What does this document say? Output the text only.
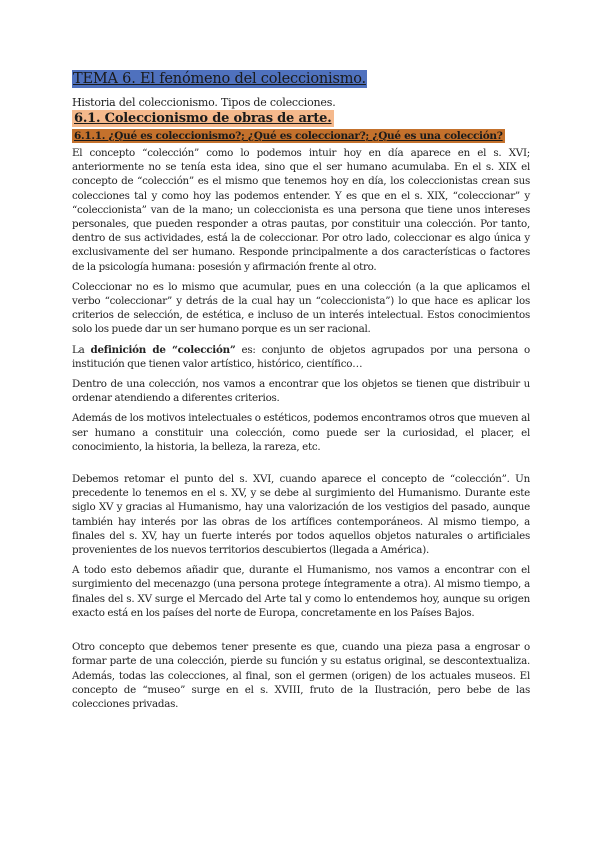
TEMA 6. El fenómeno del coleccionismo.
Historia del coleccionismo. Tipos de colecciones.
6.1. Coleccionismo de obras de arte.
6.1.1. ¿Qué es coleccionismo?; ¿Qué es coleccionar?; ¿Qué es una colección?

El concepto “colección” como lo podemos intuir hoy en día aparece en el s. XVI; anteriormente no se tenía esta idea, sino que el ser humano acumulaba. En el s. XIX el concepto de “colección” es el mismo que tenemos hoy en día, los coleccionistas crean sus colecciones tal y como hoy las podemos entender. Y es que en el s. XIX, “coleccionar” y “coleccionista” van de la mano; un coleccionista es una persona que tiene unos intereses personales, que pueden responder a otras pautas, por constituir una colección. Por tanto, dentro de sus actividades, está la de coleccionar. Por otro lado, coleccionar es algo única y exclusivamente del ser humano. Responde principalmente a dos características o factores de la psicología humana: posesión y afirmación frente al otro.

Coleccionar no es lo mismo que acumular, pues en una colección (a la que aplicamos el verbo “coleccionar” y detrás de la cual hay un “coleccionista”) lo que hace es aplicar los criterios de selección, de estética, e incluso de un interés intelectual. Estos conocimientos solo los puede dar un ser humano porque es un ser racional.

La definición de “colección” es: conjunto de objetos agrupados por una persona o institución que tienen valor artístico, histórico, científico…

Dentro de una colección, nos vamos a encontrar que los objetos se tienen que distribuir u ordenar atendiendo a diferentes criterios.

Además de los motivos intelectuales o estéticos, podemos encontramos otros que mueven al ser humano a constituir una colección, como puede ser la curiosidad, el placer, el conocimiento, la historia, la belleza, la rareza, etc.

Debemos retomar el punto del s. XVI, cuando aparece el concepto de “colección”. Un precedente lo tenemos en el s. XV, y se debe al surgimiento del Humanismo. Durante este siglo XV y gracias al Humanismo, hay una valorización de los vestigios del pasado, aunque también hay interés por las obras de los artífices contemporáneos. Al mismo tiempo, a finales del s. XV, hay un fuerte interés por todos aquellos objetos naturales o artificiales provenientes de los nuevos territorios descubiertos (llegada a América).

A todo esto debemos añadir que, durante el Humanismo, nos vamos a encontrar con el surgimiento del mecenazgo (una persona protege íntegramente a otra). Al mismo tiempo, a finales del s. XV surge el Mercado del Arte tal y como lo entendemos hoy, aunque su origen exacto está en los países del norte de Europa, concretamente en los Países Bajos.

Otro concepto que debemos tener presente es que, cuando una pieza pasa a engrosar o formar parte de una colección, pierde su función y su estatus original, se descontextualiza. Además, todas las colecciones, al final, son el germen (origen) de los actuales museos. El concepto de “museo” surge en el s. XVIII, fruto de la Ilustración, pero bebe de las colecciones privadas.
